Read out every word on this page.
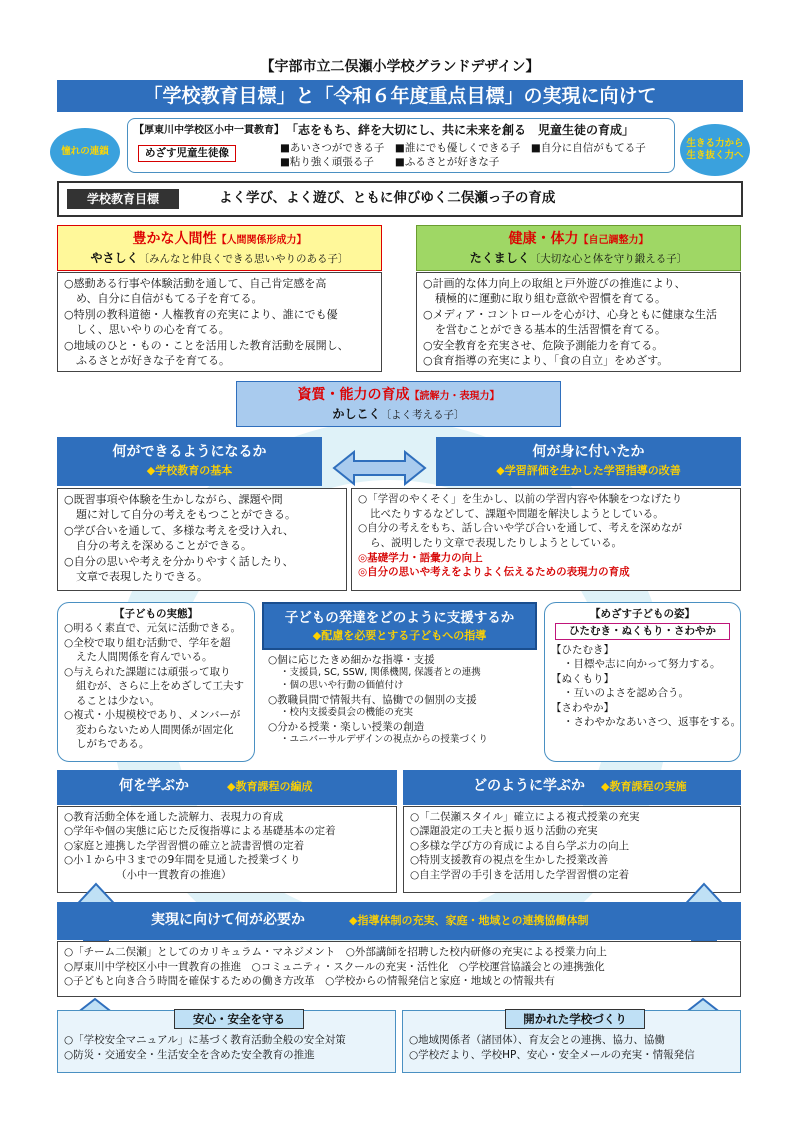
【宇部市立二俣瀬小学校グランドデザイン】
「学校教育目標」と「令和６年度重点目標」の実現に向けて
憧れの連鎖
生きる力から
生き抜く力へ
【厚東川中学校区小中一貫教育】 「志をもち、絆を大切にし、共に未来を創る　児童生徒の育成」
めざす児童生徒像	■あいさつができる子　■誰にでも優しくできる子　■自分に自信がもてる子
■粘り強く頑張る子　　■ふるさとが好きな子
学校教育目標	よく学び、よく遊び、ともに伸びゆく二俣瀬っ子の育成
豊かな人間性【人間関係形成力】
やさしく〔みんなと仲良くできる思いやりのある子〕
○感動ある行事や体験活動を通して、自己肯定感を高
め、自分に自信がもてる子を育てる。
○特別の教科道徳・人権教育の充実により、誰にでも優
しく、思いやりの心を育てる。
○地域のひと・もの・ことを活用した教育活動を展開し、
ふるさとが好きな子を育てる。
健康・体力【自己調整力】
たくましく〔大切な心と体を守り鍛える子〕
○計画的な体力向上の取組と戸外遊びの推進により、
積極的に運動に取り組む意欲や習慣を育てる。
○メディア・コントロールを心がけ、心身ともに健康な生活
を営むことができる基本的生活習慣を育てる。
○安全教育を充実させ、危険予測能力を育てる。
○食育指導の充実により、「食の自立」をめざす。
資質・能力の育成【読解力・表現力】
かしこく〔よく考える子〕
何ができるようになるか
◆学校教育の基本
○既習事項や体験を生かしながら、課題や問
題に対して自分の考えをもつことができる。
○学び合いを通して、多様な考えを受け入れ、
自分の考えを深めることができる。
○自分の思いや考えを分かりやすく話したり、
文章で表現したりできる。
何が身に付いたか
◆学習評価を生かした学習指導の改善
○「学習のやくそく」を生かし、以前の学習内容や体験をつなげたり
比べたりするなどして、課題や問題を解決しようとしている。
○自分の考えをもち、話し合いや学び合いを通して、考えを深めなが
ら、説明したり文章で表現したりしようとしている。
◎基礎学力・語彙力の向上
◎自分の思いや考えをよりよく伝えるための表現力の育成
【子どもの実態】
○明るく素直で、元気に活動できる。
○全校で取り組む活動で、学年を超
えた人間関係を育んでいる。
○与えられた課題には頑張って取り
組むが、さらに上をめざして工夫す
ることは少ない。
○複式・小規模校であり、メンバーが
変わらないため人間関係が固定化
しがちである。
子どもの発達をどのように支援するか
◆配慮を必要とする子どもへの指導
○個に応じたきめ細かな指導・支援
・支援員, SC, SSW, 関係機関, 保護者との連携
・個の思いや行動の価値付け
○教職員間で情報共有、協働での個別の支援
・校内支援委員会の機能の充実
○分かる授業・楽しい授業の創造
・ユニバーサルデザインの視点からの授業づくり
【めざす子どもの姿】
ひたむき・ぬくもり・さわやか
【ひたむき】
・目標や志に向かって努力する。
【ぬくもり】
・互いのよさを認め合う。
【さわやか】
・さわやかなあいさつ、返事をする。
何を学ぶか	◆教育課程の編成
○教育活動全体を通した読解力、表現力の育成
○学年や個の実態に応じた反復指導による基礎基本の定着
○家庭と連携した学習習慣の確立と読書習慣の定着
○小１から中３までの9年間を見通した授業づくり
（小中一貫教育の推進）
どのように学ぶか ◆教育課程の実施
○「二俣瀬スタイル」確立による複式授業の充実
○課題設定の工夫と振り返り活動の充実
○多様な学び方の育成による自ら学ぶ力の向上
○特別支援教育の視点を生かした授業改善
○自主学習の手引きを活用した学習習慣の定着
実現に向けて何が必要か	◆指導体制の充実、家庭・地域との連携協働体制
○「チーム二俣瀬」としてのカリキュラム・マネジメント　○外部講師を招聘した校内研修の充実による授業力向上
○厚東川中学校区小中一貫教育の推進　○コミュニティ・スクールの充実・活性化　○学校運営協議会との連携強化
○子どもと向き合う時間を確保するための働き方改革　○学校からの情報発信と家庭・地域との情報共有
安心・安全を守る
○「学校安全マニュアル」に基づく教育活動全般の安全対策
○防災・交通安全・生活安全を含めた安全教育の推進
開かれた学校づくり
○地域関係者（諸団体）、育友会との連携、協力、協働
○学校だより、学校HP、安心・安全メールの充実・情報発信
